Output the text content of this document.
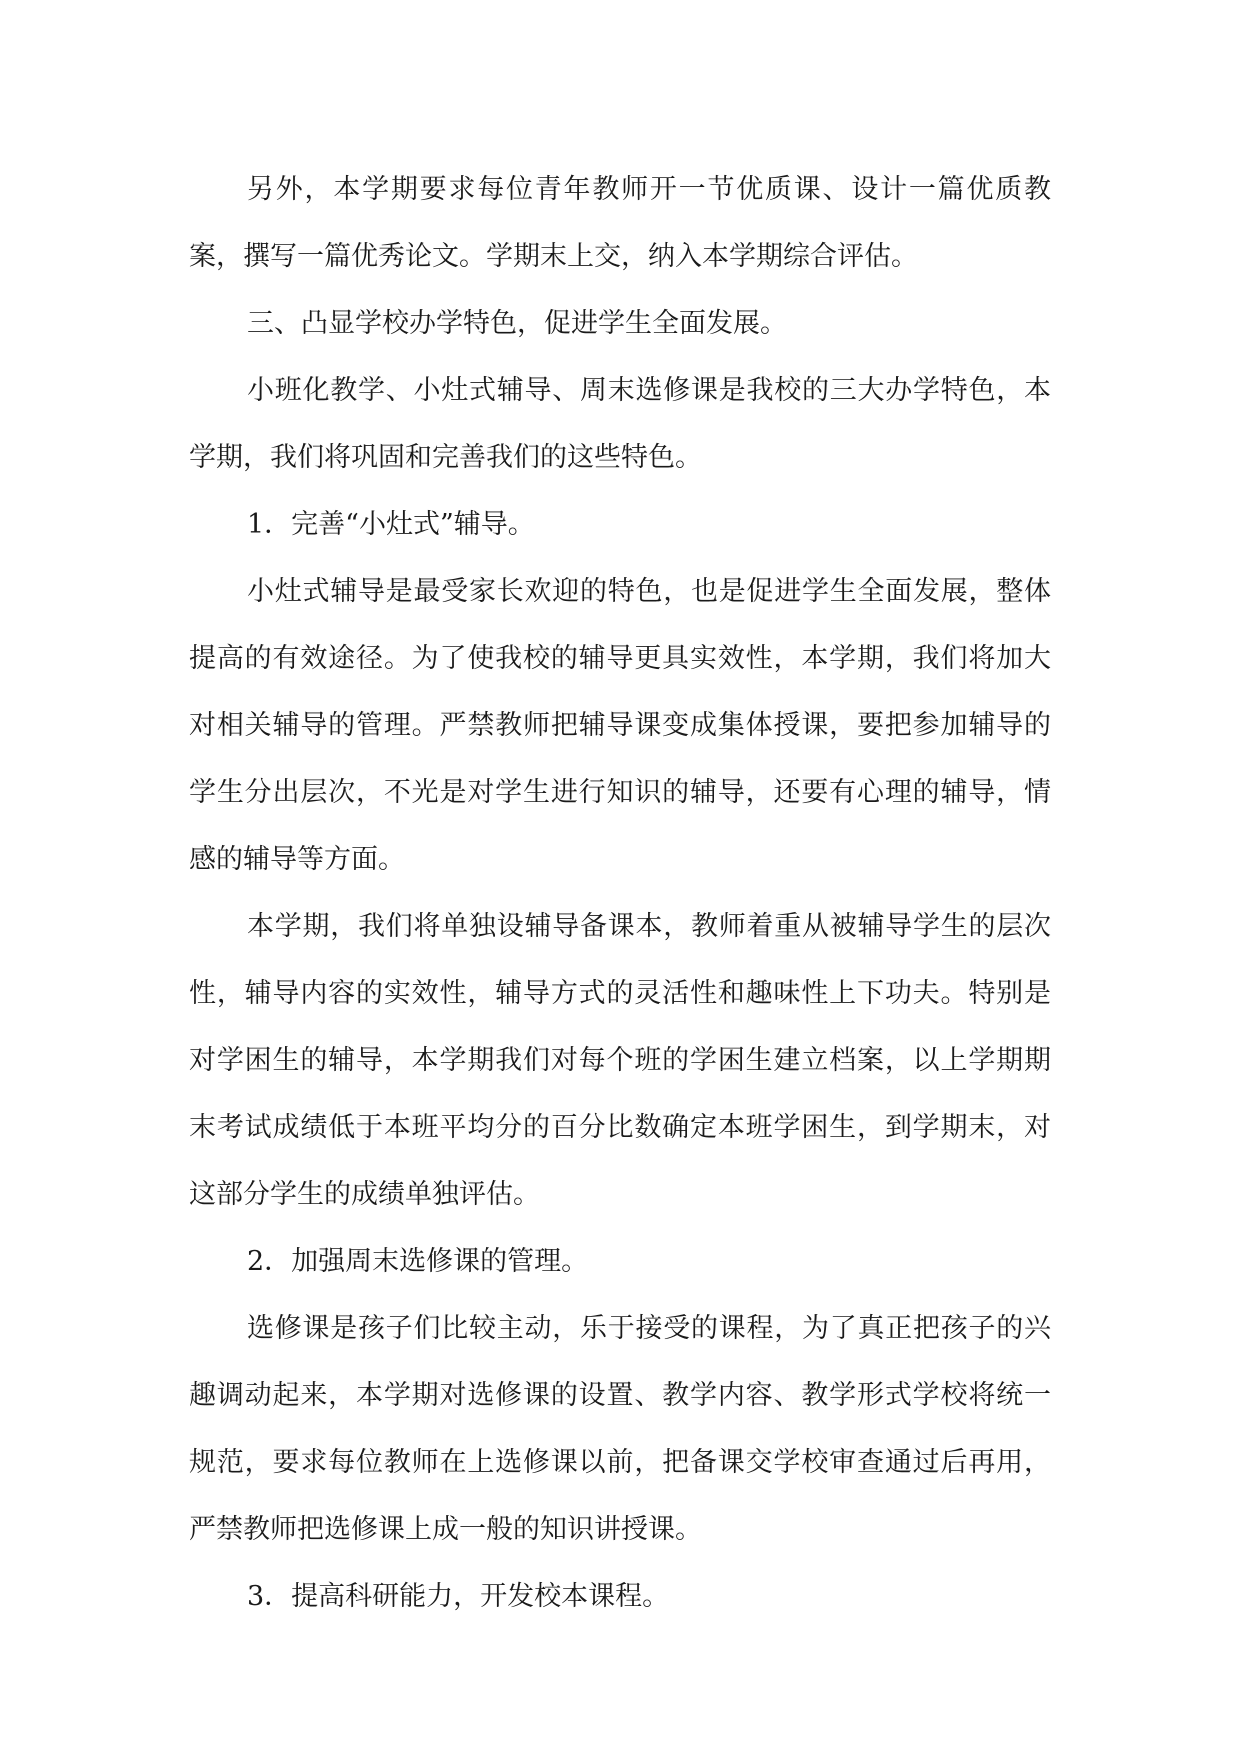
另外，本学期要求每位青年教师开一节优质课、设计一篇优质教案，撰写一篇优秀论文。学期末上交，纳入本学期综合评估。

三、凸显学校办学特色，促进学生全面发展。

小班化教学、小灶式辅导、周末选修课是我校的三大办学特色，本学期，我们将巩固和完善我们的这些特色。

1．完善“小灶式”辅导。

小灶式辅导是最受家长欢迎的特色，也是促进学生全面发展，整体提高的有效途径。为了使我校的辅导更具实效性，本学期，我们将加大对相关辅导的管理。严禁教师把辅导课变成集体授课，要把参加辅导的学生分出层次，不光是对学生进行知识的辅导，还要有心理的辅导，情感的辅导等方面。

本学期，我们将单独设辅导备课本，教师着重从被辅导学生的层次性，辅导内容的实效性，辅导方式的灵活性和趣味性上下功夫。特别是对学困生的辅导，本学期我们对每个班的学困生建立档案，以上学期期末考试成绩低于本班平均分的百分比数确定本班学困生，到学期末，对这部分学生的成绩单独评估。

2．加强周末选修课的管理。

选修课是孩子们比较主动，乐于接受的课程，为了真正把孩子的兴趣调动起来，本学期对选修课的设置、教学内容、教学形式学校将统一规范，要求每位教师在上选修课以前，把备课交学校审查通过后再用，严禁教师把选修课上成一般的知识讲授课。

3．提高科研能力，开发校本课程。
